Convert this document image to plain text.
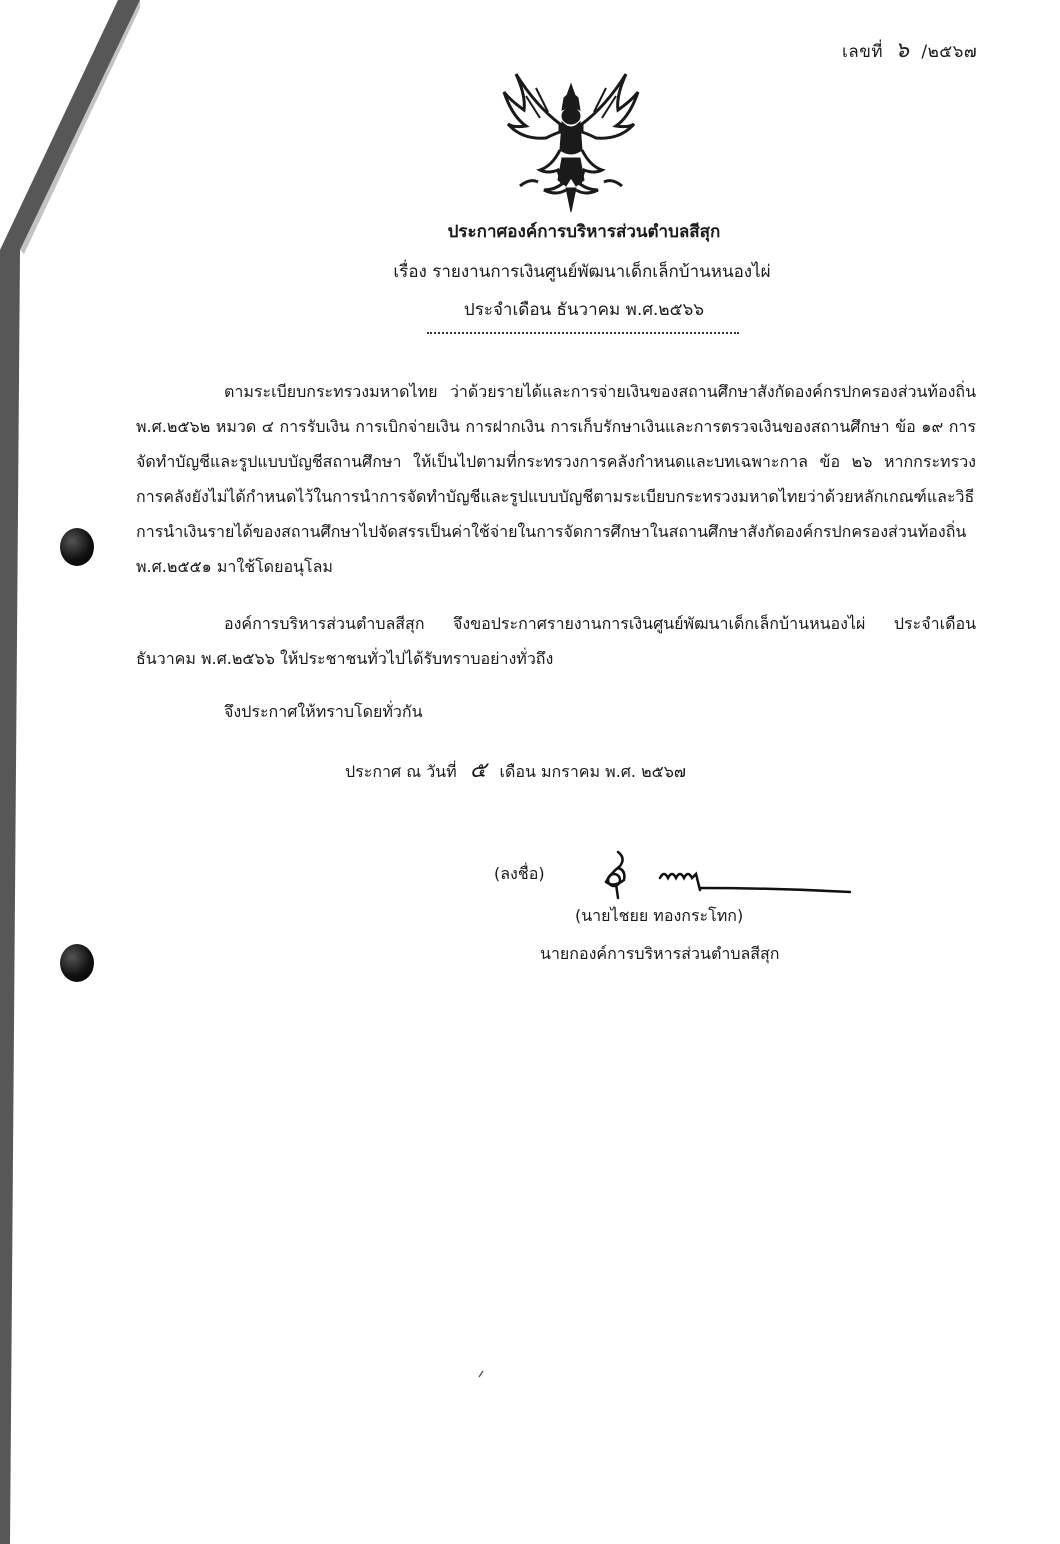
เลขที่ ๖ /๒๕๖๗
ประกาศองค์การบริหารส่วนตำบลสีสุก
เรื่อง รายงานการเงินศูนย์พัฒนาเด็กเล็กบ้านหนองไผ่
ประจำเดือน ธันวาคม พ.ศ.๒๕๖๖
ตามระเบียบกระทรวงมหาดไทย ว่าด้วยรายได้และการจ่ายเงินของสถานศึกษาสังกัดองค์กรปกครองส่วนท้องถิ่น พ.ศ.๒๕๖๒ หมวด ๔ การรับเงิน การเบิกจ่ายเงิน การฝากเงิน การเก็บรักษาเงินและการตรวจเงินของสถานศึกษา ข้อ ๑๙ การจัดทำบัญชีและรูปแบบบัญชีสถานศึกษา ให้เป็นไปตามที่กระทรวงการคลังกำหนดและบทเฉพาะกาล ข้อ ๒๖ หากกระทรวงการคลังยังไม่ได้กำหนดไว้ในการนำการจัดทำบัญชีและรูปแบบบัญชีตามระเบียบกระทรวงมหาดไทยว่าด้วยหลักเกณฑ์และวิธีการนำเงินรายได้ของสถานศึกษาไปจัดสรรเป็นค่าใช้จ่ายในการจัดการศึกษาในสถานศึกษาสังกัดองค์กรปกครองส่วนท้องถิ่น พ.ศ.๒๕๕๑ มาใช้โดยอนุโลม
องค์การบริหารส่วนตำบลสีสุก จึงขอประกาศรายงานการเงินศูนย์พัฒนาเด็กเล็กบ้านหนองไผ่ ประจำเดือน ธันวาคม พ.ศ.๒๕๖๖ ให้ประชาชนทั่วไปได้รับทราบอย่างทั่วถึง
จึงประกาศให้ทราบโดยทั่วกัน
ประกาศ ณ วันที่ ๕ เดือน มกราคม พ.ศ. ๒๕๖๗
(ลงชื่อ)
(นายไชยย ทองกระโทก)
นายกองค์การบริหารส่วนตำบลสีสุก
